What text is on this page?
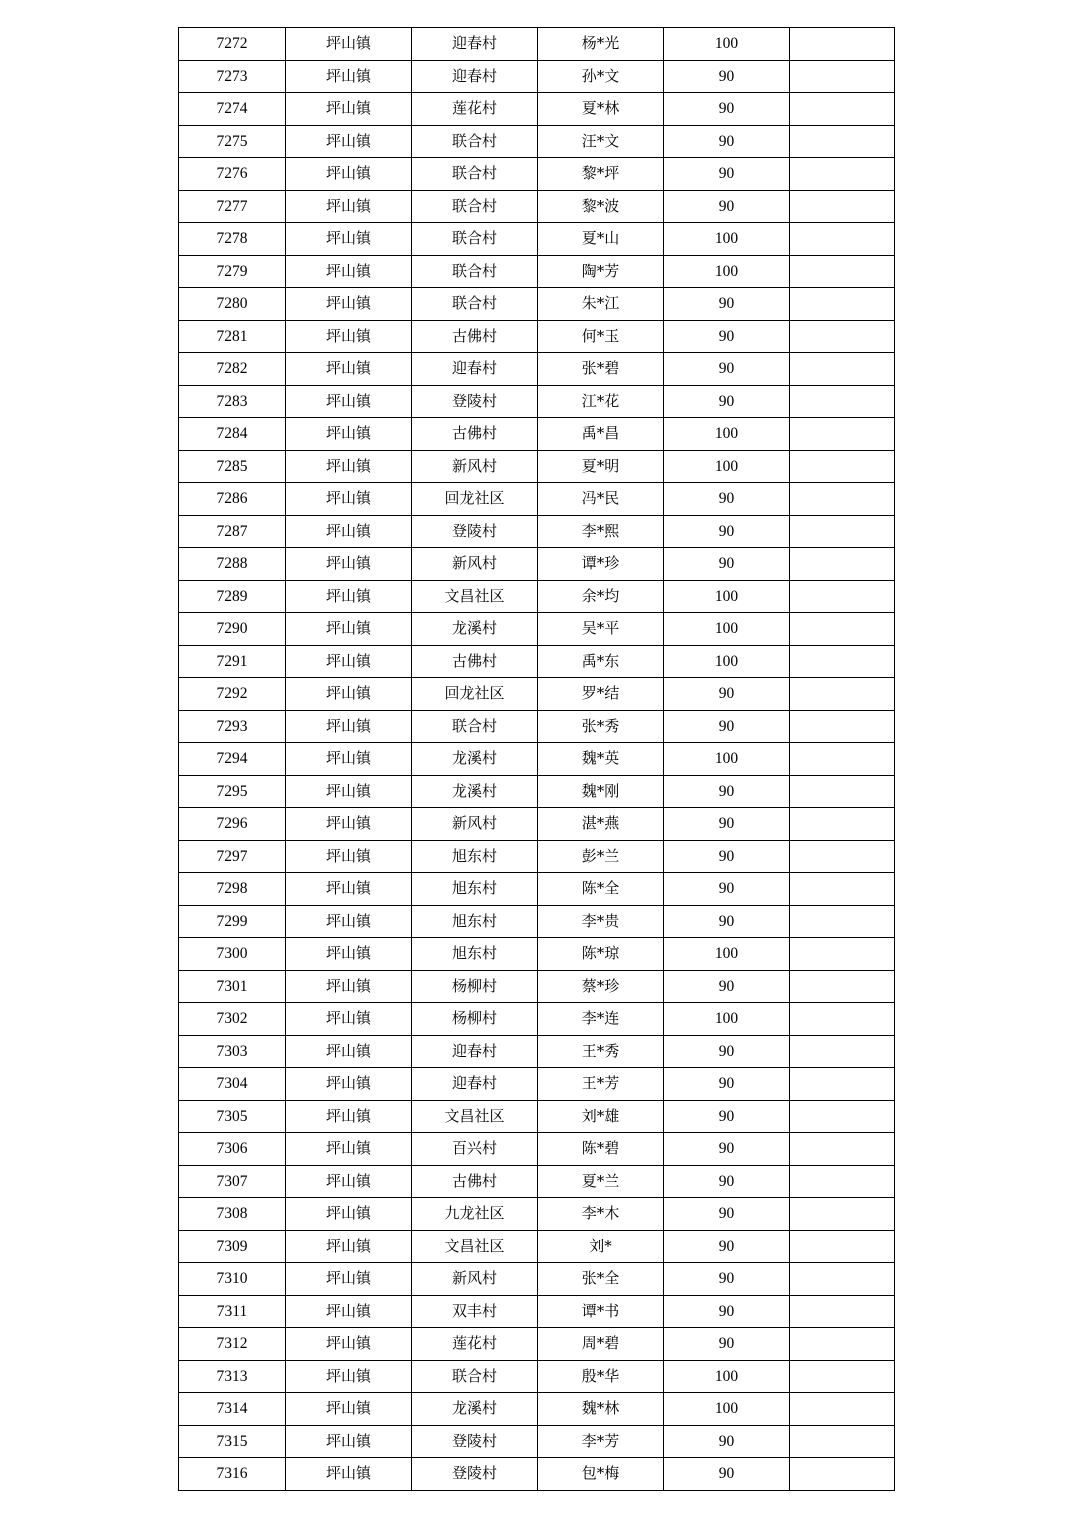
7272	坪山镇	迎春村	杨*光	100	
7273	坪山镇	迎春村	孙*文	90	
7274	坪山镇	莲花村	夏*林	90	
7275	坪山镇	联合村	汪*文	90	
7276	坪山镇	联合村	黎*坪	90	
7277	坪山镇	联合村	黎*波	90	
7278	坪山镇	联合村	夏*山	100	
7279	坪山镇	联合村	陶*芳	100	
7280	坪山镇	联合村	朱*江	90	
7281	坪山镇	古佛村	何*玉	90	
7282	坪山镇	迎春村	张*碧	90	
7283	坪山镇	登陵村	江*花	90	
7284	坪山镇	古佛村	禹*昌	100	
7285	坪山镇	新风村	夏*明	100	
7286	坪山镇	回龙社区	冯*民	90	
7287	坪山镇	登陵村	李*熙	90	
7288	坪山镇	新风村	谭*珍	90	
7289	坪山镇	文昌社区	余*均	100	
7290	坪山镇	龙溪村	吴*平	100	
7291	坪山镇	古佛村	禹*东	100	
7292	坪山镇	回龙社区	罗*结	90	
7293	坪山镇	联合村	张*秀	90	
7294	坪山镇	龙溪村	魏*英	100	
7295	坪山镇	龙溪村	魏*刚	90	
7296	坪山镇	新风村	湛*燕	90	
7297	坪山镇	旭东村	彭*兰	90	
7298	坪山镇	旭东村	陈*全	90	
7299	坪山镇	旭东村	李*贵	90	
7300	坪山镇	旭东村	陈*琼	100	
7301	坪山镇	杨柳村	蔡*珍	90	
7302	坪山镇	杨柳村	李*连	100	
7303	坪山镇	迎春村	王*秀	90	
7304	坪山镇	迎春村	王*芳	90	
7305	坪山镇	文昌社区	刘*雄	90	
7306	坪山镇	百兴村	陈*碧	90	
7307	坪山镇	古佛村	夏*兰	90	
7308	坪山镇	九龙社区	李*木	90	
7309	坪山镇	文昌社区	刘*	90	
7310	坪山镇	新风村	张*全	90	
7311	坪山镇	双丰村	谭*书	90	
7312	坪山镇	莲花村	周*碧	90	
7313	坪山镇	联合村	殷*华	100	
7314	坪山镇	龙溪村	魏*林	100	
7315	坪山镇	登陵村	李*芳	90	
7316	坪山镇	登陵村	包*梅	90	
